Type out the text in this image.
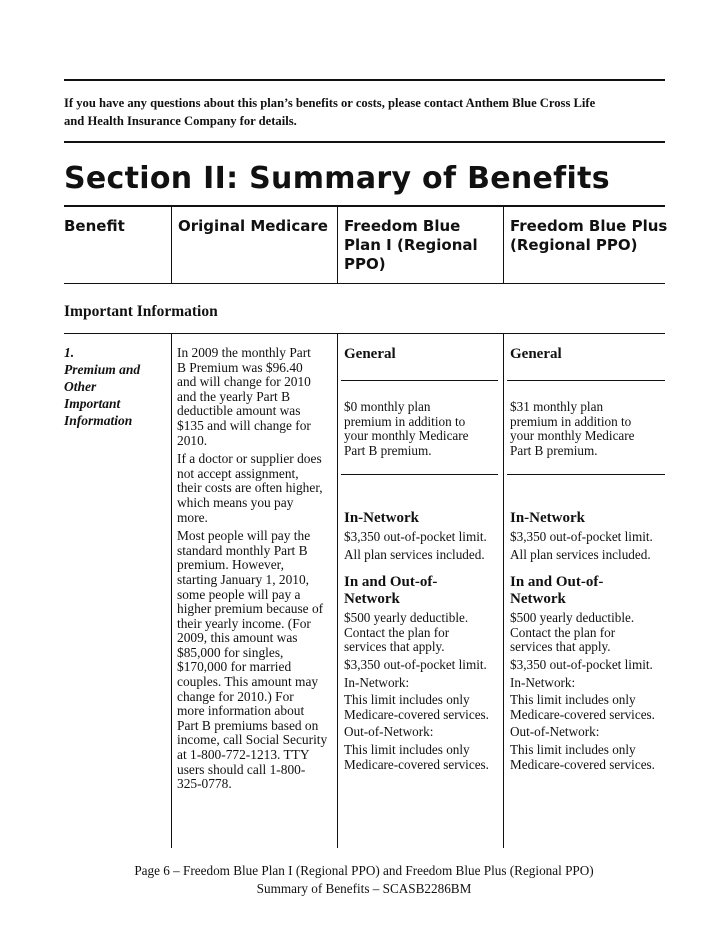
If you have any questions about this plan’s benefits or costs, please contact Anthem Blue Cross Life
and Health Insurance Company for details.
Section II: Summary of Benefits
Benefit	Original Medicare Freedom Blue
Plan I (Regional
PPO)
Freedom Blue Plus
(Regional PPO)
Important Information
1.
Premium and
Other
Important
Information

In 2009 the monthly Part
B Premium was $96.40
and will change for 2010
and the yearly Part B
deductible amount was
$135 and will change for
2010.

If a doctor or supplier does
not accept assignment,
their costs are often higher,
which means you pay
more.

Most people will pay the
standard monthly Part B
premium. However,
starting January 1, 2010,
some people will pay a
higher premium because of
their yearly income. (For
2009, this amount was
$85,000 for singles,
$170,000 for married
couples. This amount may
change for 2010.) For
more information about
Part B premiums based on
income, call Social Security
at 1-800-772-1213. TTY
users should call 1-800-
325-0778.

General
$0 monthly plan
premium in addition to
your monthly Medicare
Part B premium.
In-Network
$3,350 out-of-pocket limit.
All plan services included.
In and Out-of-
Network
$500 yearly deductible.
Contact the plan for
services that apply.
$3,350 out-of-pocket limit.
In-Network:
This limit includes only
Medicare-covered services.
Out-of-Network:
This limit includes only
Medicare-covered services.
General
$31 monthly plan
premium in addition to
your monthly Medicare
Part B premium.
In-Network
$3,350 out-of-pocket limit.
All plan services included.
In and Out-of-
Network
$500 yearly deductible.
Contact the plan for
services that apply.
$3,350 out-of-pocket limit.
In-Network:
This limit includes only
Medicare-covered services.
Out-of-Network:
This limit includes only
Medicare-covered services.
Page 6 – Freedom Blue Plan I (Regional PPO) and Freedom Blue Plus (Regional PPO)
Summary of Benefits – SCASB2286BM
